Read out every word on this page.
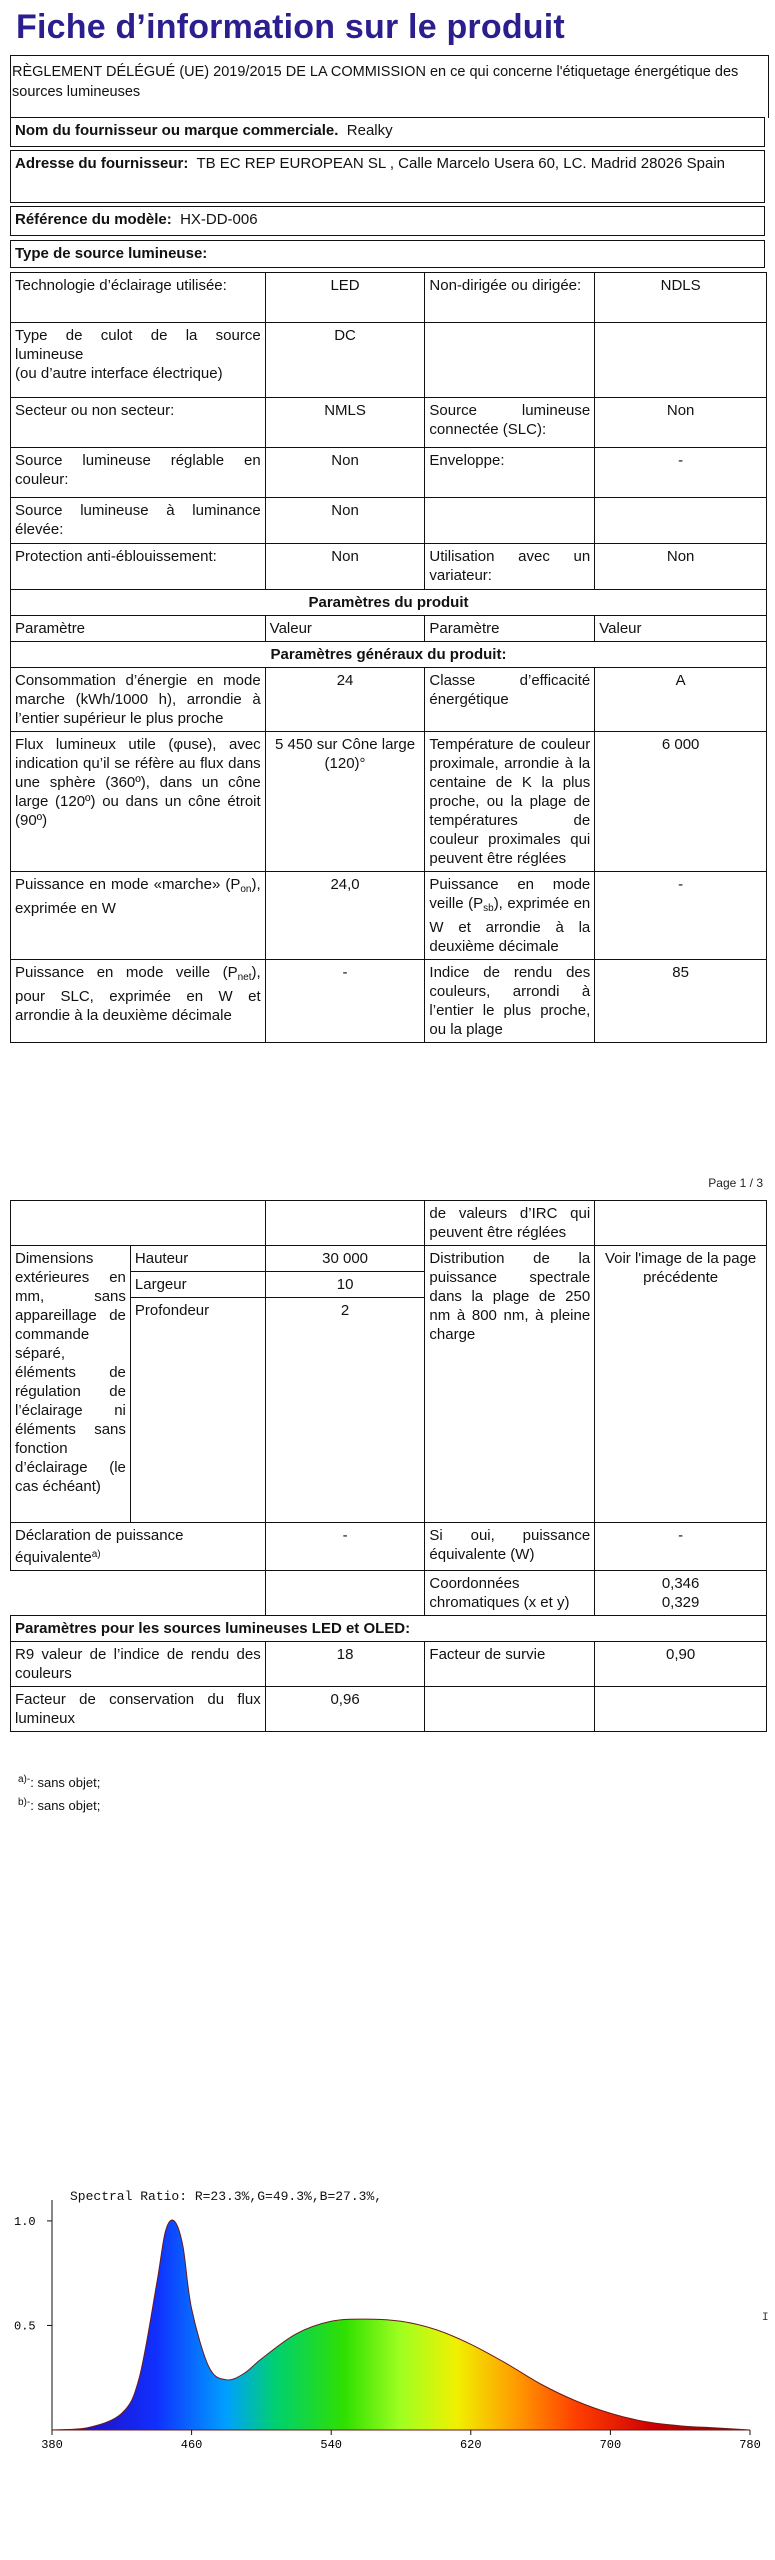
Fiche d’information sur le produit
RÈGLEMENT DÉLÉGUÉ (UE) 2019/2015 DE LA COMMISSION en ce qui concerne l'étiquetage énergétique des sources lumineuses
Nom du fournisseur ou marque commerciale. Realky
Adresse du fournisseur: TB EC REP EUROPEAN SL , Calle Marcelo Usera 60, LC. Madrid 28026 Spain
Référence du modèle: HX-DD-006
Type de source lumineuse:
Technologie d’éclairage utilisée:	LED	Non-dirigée ou dirigée:	NDLS

Type de culot de la source lumineuse
(ou d’autre interface électrique)	DC		
Secteur ou non secteur:	NMLS	Source lumineuse connectée (SLC):	Non
Source lumineuse réglable en couleur:	Non	Enveloppe:	-
Source lumineuse à luminance élevée:	Non		
Protection anti-éblouissement:	Non	Utilisation avec un variateur:	Non
Paramètres du produit			
Paramètre	Valeur	Paramètre	Valeur
Paramètres généraux du produit:			
Consommation d’énergie en mode marche (kWh/1000 h), arrondie à l’entier supérieur le plus proche	24	Classe d’efficacité énergétique	A
Flux lumineux utile (φuse), avec indication qu’il se réfère au flux dans une sphère (360º), dans un cône large (120º) ou dans un cône étroit (90º)	5 450 sur Cône large (120)°	Température de couleur proximale, arrondie à la centaine de K la plus proche, ou la plage de températures de couleur proximales qui peuvent être réglées	6 000
Puissance en mode «marche» $(P_{on})$, exprimée en W	24,0	Puissance en mode veille $(P_{sb})$, exprimée en W et arrondie à la deuxième décimale	-
Puissance en mode veille $(P_{net})$, pour SLC, exprimée en W et arrondie à la deuxième décimale	-	Indice de rendu des couleurs, arrondi à l’entier le plus proche, ou la plage	85
Page 1 / 3
			de valeurs d’IRC qui peuvent être réglées	
Dimensions extérieures en mm, sans appareillage de commande séparé, éléments de régulation de l’éclairage ni éléments sans fonction d’éclairage (le cas échéant)	Hauteur	30 000	Distribution de la puissance spectrale dans la plage de 250 nm à 800 nm, à pleine charge	Voir l'image de la page précédente
	Largeur	10		
	Profondeur	2		
Déclaration de puissance équivalente$^{a)}$		-	Si oui, puissance équivalente (W)	-
			Coordonnées chromatiques (x et y)	0,346
0,329

Paramètres pour les sources lumineuses LED et OLED:				
R9 valeur de l’indice de rendu des couleurs		18	Facteur de survie	0,90
Facteur de conservation du flux lumineux		0,96		
$^{a)-}$: sans objet;
$^{b)-}$: sans objet;
Spectral Ratio: R=23.3%,G=49.3%,B=27.3%,
1.0
0.5
380	460	540	620	700	780
I
